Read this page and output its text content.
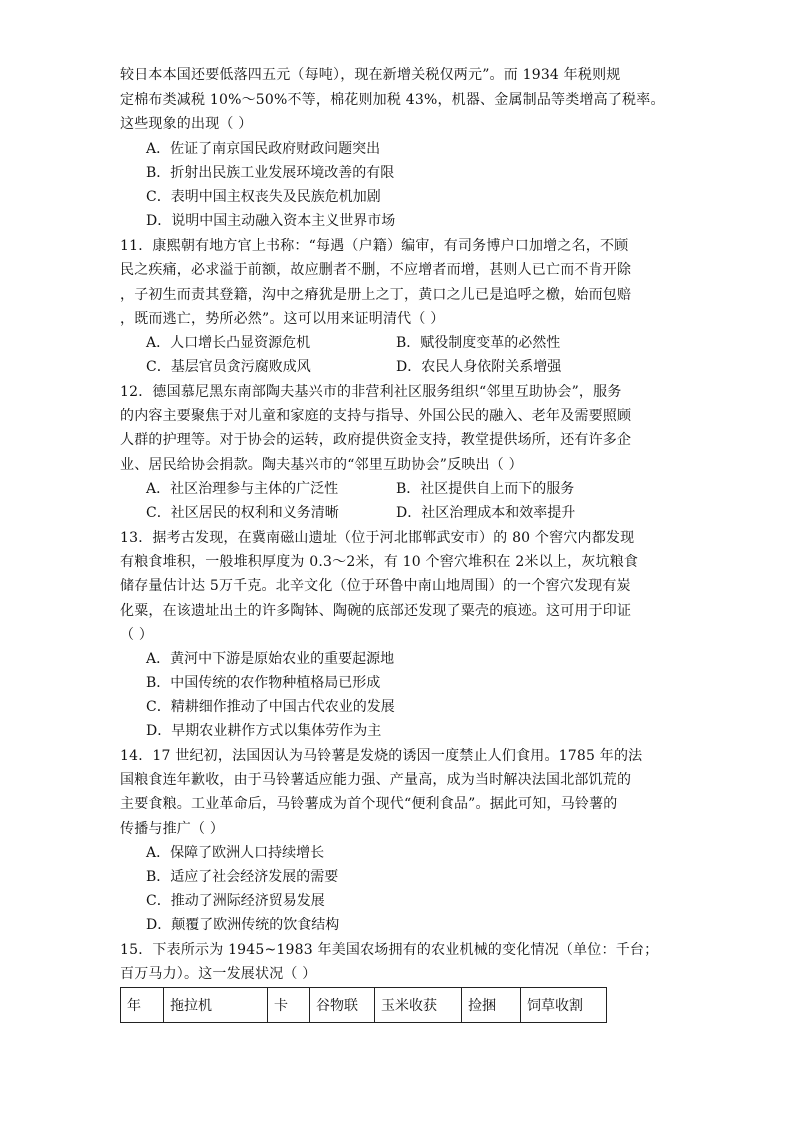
较日本本国还要低落四五元（每吨），现在新增关税仅两元”。而 1934 年税则规
定棉布类减税 10%～50%不等，棉花则加税 43%，机器、金属制品等类增高了税率。
这些现象的出现（ ）
A．佐证了南京国民政府财政问题突出
B．折射出民族工业发展环境改善的有限
C．表明中国主权丧失及民族危机加剧
D．说明中国主动融入资本主义世界市场
11．康熙朝有地方官上书称：“每遇（户籍）编审，有司务博户口加增之名，不顾
民之疾痛，必求溢于前额，故应删者不删，不应增者而增，甚则人已亡而不肯开除
，子初生而责其登籍，沟中之瘠犹是册上之丁，黄口之儿已是追呼之檄，始而包赔
，既而逃亡，势所必然”。这可以用来证明清代（ ）
A．人口增长凸显资源危机	B．赋役制度变革的必然性
C．基层官员贪污腐败成风	D．农民人身依附关系增强
12．德国慕尼黑东南部陶夫基兴市的非营利社区服务组织“邻里互助协会”，服务
的内容主要聚焦于对儿童和家庭的支持与指导、外国公民的融入、老年及需要照顾
人群的护理等。对于协会的运转，政府提供资金支持，教堂提供场所，还有许多企
业、居民给协会捐款。陶夫基兴市的“邻里互助协会”反映出（ ）
A．社区治理参与主体的广泛性	B．社区提供自上而下的服务
C．社区居民的权利和义务清晰	D．社区治理成本和效率提升
13．据考古发现，在冀南磁山遗址（位于河北邯郸武安市）的 80 个窖穴内都发现
有粮食堆积，一般堆积厚度为 0.3～2米，有 10 个窖穴堆积在 2米以上，灰坑粮食
储存量估计达 5万千克。北辛文化（位于环鲁中南山地周围）的一个窖穴发现有炭
化粟，在该遗址出土的许多陶钵、陶碗的底部还发现了粟壳的痕迹。这可用于印证
（ ）
A．黄河中下游是原始农业的重要起源地
B．中国传统的农作物种植格局已形成
C．精耕细作推动了中国古代农业的发展
D．早期农业耕作方式以集体劳作为主
14．17 世纪初，法国因认为马铃薯是发烧的诱因一度禁止人们食用。1785 年的法
国粮食连年歉收，由于马铃薯适应能力强、产量高，成为当时解决法国北部饥荒的
主要食粮。工业革命后，马铃薯成为首个现代“便利食品”。据此可知，马铃薯的
传播与推广（ ）
A．保障了欧洲人口持续增长
B．适应了社会经济发展的需要
C．推动了洲际经济贸易发展
D．颠覆了欧洲传统的饮食结构
15．下表所示为 1945~1983 年美国农场拥有的农业机械的变化情况（单位：千台；
百万马力）。这一发展状况（ ）
年	拖拉机	卡	谷物联	玉米收获	捡捆	饲草收割
